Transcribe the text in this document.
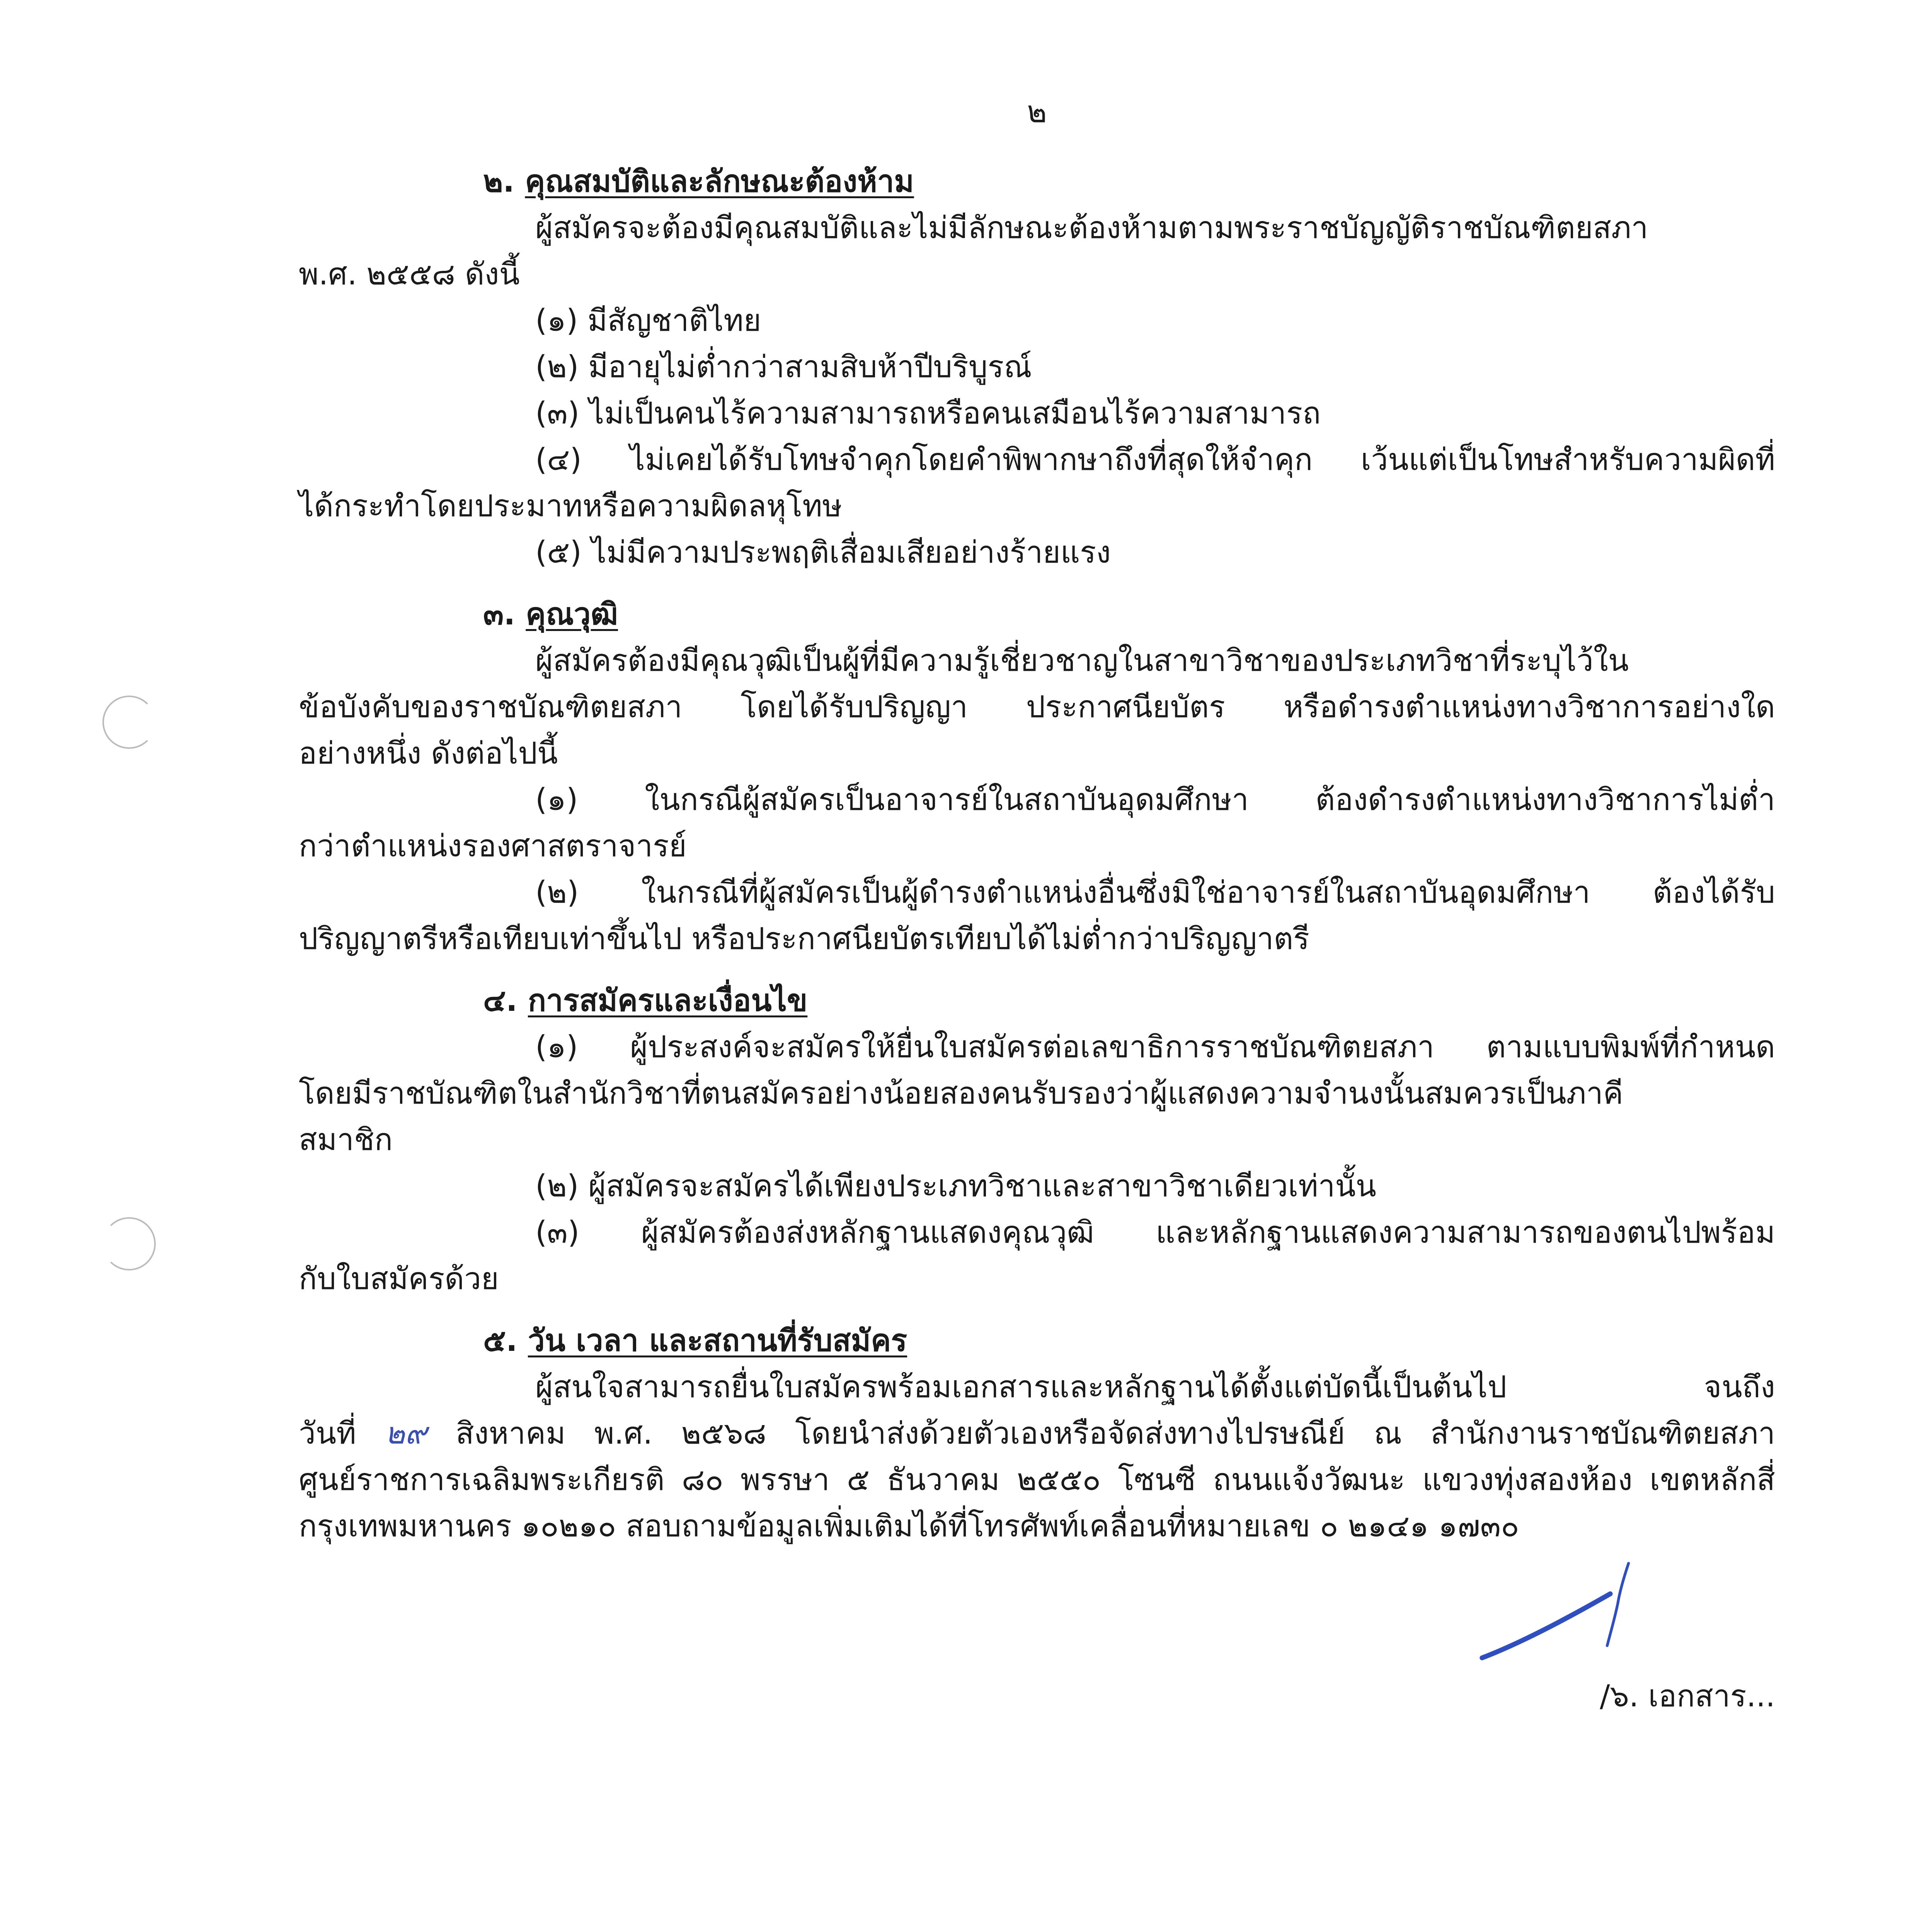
๒
๒. คุณสมบัติและลักษณะต้องห้าม
ผู้สมัครจะต้องมีคุณสมบัติและไม่มีลักษณะต้องห้ามตามพระราชบัญญัติราชบัณฑิตยสภา
พ.ศ. ๒๕๕๘ ดังนี้
(๑) มีสัญชาติไทย
(๒) มีอายุไม่ต่ำกว่าสามสิบห้าปีบริบูรณ์
(๓) ไม่เป็นคนไร้ความสามารถหรือคนเสมือนไร้ความสามารถ
(๔) ไม่เคยได้รับโทษจำคุกโดยคำพิพากษาถึงที่สุดให้จำคุก เว้นแต่เป็นโทษสำหรับความผิดที่
ได้กระทำโดยประมาทหรือความผิดลหุโทษ
(๕) ไม่มีความประพฤติเสื่อมเสียอย่างร้ายแรง
๓. คุณวุฒิ
ผู้สมัครต้องมีคุณวุฒิเป็นผู้ที่มีความรู้เชี่ยวชาญในสาขาวิชาของประเภทวิชาที่ระบุไว้ใน
ข้อบังคับของราชบัณฑิตยสภา โดยได้รับปริญญา ประกาศนียบัตร หรือดำรงตำแหน่งทางวิชาการอย่างใด
อย่างหนึ่ง ดังต่อไปนี้
(๑) ในกรณีผู้สมัครเป็นอาจารย์ในสถาบันอุดมศึกษา ต้องดำรงตำแหน่งทางวิชาการไม่ต่ำ
กว่าตำแหน่งรองศาสตราจารย์
(๒) ในกรณีที่ผู้สมัครเป็นผู้ดำรงตำแหน่งอื่นซึ่งมิใช่อาจารย์ในสถาบันอุดมศึกษา ต้องได้รับ
ปริญญาตรีหรือเทียบเท่าขึ้นไป หรือประกาศนียบัตรเทียบได้ไม่ต่ำกว่าปริญญาตรี
๔. การสมัครและเงื่อนไข
(๑) ผู้ประสงค์จะสมัครให้ยื่นใบสมัครต่อเลขาธิการราชบัณฑิตยสภา ตามแบบพิมพ์ที่กำหนด
โดยมีราชบัณฑิตในสำนักวิชาที่ตนสมัครอย่างน้อยสองคนรับรองว่าผู้แสดงความจำนงนั้นสมควรเป็นภาคี
สมาชิก
(๒) ผู้สมัครจะสมัครได้เพียงประเภทวิชาและสาขาวิชาเดียวเท่านั้น
(๓) ผู้สมัครต้องส่งหลักฐานแสดงคุณวุฒิ และหลักฐานแสดงความสามารถของตนไปพร้อม
กับใบสมัครด้วย
๕. วัน เวลา และสถานที่รับสมัคร
ผู้สนใจสามารถยื่นใบสมัครพร้อมเอกสารและหลักฐานได้ตั้งแต่บัดนี้เป็นต้นไป จนถึง
วันที่ ๒๙ สิงหาคม พ.ศ. ๒๕๖๘ โดยนำส่งด้วยตัวเองหรือจัดส่งทางไปรษณีย์ ณ สำนักงานราชบัณฑิตยสภา
ศูนย์ราชการเฉลิมพระเกียรติ ๘๐ พรรษา ๕ ธันวาคม ๒๕๕๐ โซนซี ถนนแจ้งวัฒนะ แขวงทุ่งสองห้อง เขตหลักสี่
กรุงเทพมหานคร ๑๐๒๑๐ สอบถามข้อมูลเพิ่มเติมได้ที่โทรศัพท์เคลื่อนที่หมายเลข ๐ ๒๑๔๑ ๑๗๓๐
/๖. เอกสาร...
